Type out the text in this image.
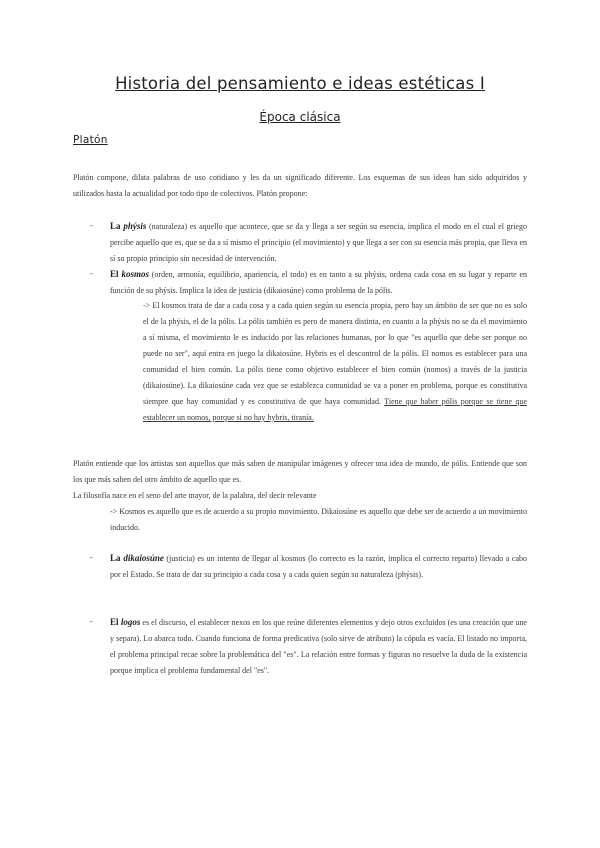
Historia del pensamiento e ideas estéticas I
Época clásica
Platón

Platón compone, dilata palabras de uso cotidiano y les da un significado diferente. Los esquemas de sus ideas han sido adquiridos y utilizados hasta la actualidad por todo tipo de colectivos. Platón propone:

- La phýsis (naturaleza) es aquello que acontece, que se da y llega a ser según su esencia, implica el modo en el cual el griego percibe aquello que es, que se da a sí mismo el principio (el movimiento) y que llega a ser con su esencia más propia, que lleva en sí su propio principio sin necesidad de intervención.
- El kosmos (orden, armonía, equilibrio, apariencia, el todo) es en tanto a su phýsis, ordena cada cosa en su lugar y reparte en función de su phýsis. Implica la idea de justicia (dikaiosúne) como problema de la pólis.
-> El kosmos trata de dar a cada cosa y a cada quien según su esencia propia, pero hay un ámbito de ser que no es solo el de la phýsis, el de la pólis. La pólis también es pero de manera distinta, en cuanto a la phýsis no se da el movimiento a sí misma, el movimiento le es inducido por las relaciones humanas, por lo que "es aquello que debe ser porque no puede no ser", aquí entra en juego la dikaiosúne. Hybris es el descontrol de la pólis. El nomos es establecer para una comunidad el bien común. La pólis tiene como objetivo establecer el bien común (nomos) a través de la justicia (dikaiosúne). La dikaiosúne cada vez que se establezca comunidad se va a poner en problema, porque es constitutiva siempre que hay comunidad y es constitutiva de que haya comunidad. Tiene que haber pólis porque se tiene que establecer un nomos, porque si no hay hybris, tiranía.

Platón entiende que los artistas son aquellos que más saben de manipular imágenes y ofrecer una idea de mundo, de pólis. Entiende que son los que más saben del otro ámbito de aquello que es.

La filosofía nace en el seno del arte mayor, de la palabra, del decir relevante

-> Kosmos es aquello que es de acuerdo a su propio movimiento. Dikaiosúne es aquello que debe ser de acuerdo a un movimiento inducido.
- La dikaiosúne (justicia) es un intento de llegar al kosmos (lo correcto es la razón, implica el correcto reparto) llevado a cabo por el Estado. Se trata de dar su principio a cada cosa y a cada quien según su naturaleza (phýsis).
- El logos es el discurso, el establecer nexos en los que reúne diferentes elementos y dejo otros excluidos (es una creación que une y separa). Lo abarca todo. Cuando funciona de forma predicativa (solo sirve de atributo) la cópula es vacía. El listado no importa, el problema principal recae sobre la problemática del "es". La relación entre formas y figuras no resuelve la duda de la existencia porque implica el problema fundamental del "es".
